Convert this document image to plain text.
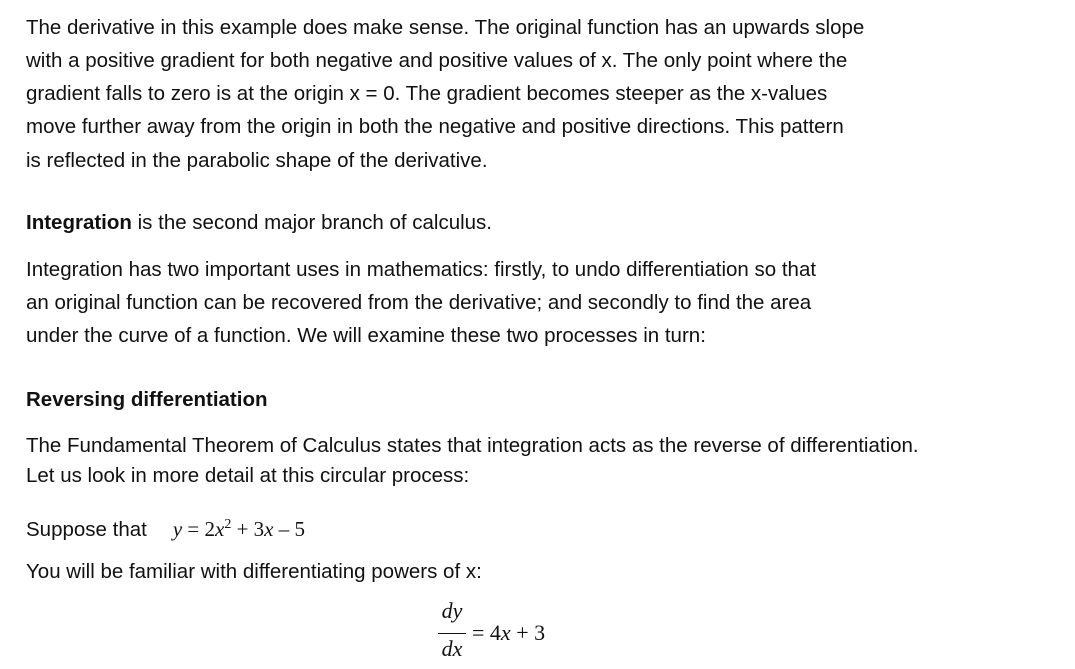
The derivative in this example does make sense. The original function has an upwards slope

with a positive gradient for both negative and positive values of x. The only point where the

gradient falls to zero is at the origin x = 0. The gradient becomes steeper as the x-values

move further away from the origin in both the negative and positive directions. This pattern

is reflected in the parabolic shape of the derivative.

Integration is the second major branch of calculus.

Integration has two important uses in mathematics: firstly, to undo differentiation so that

an original function can be recovered from the derivative; and secondly to find the area

under the curve of a function. We will examine these two processes in turn:

Reversing differentiation

The Fundamental Theorem of Calculus states that integration acts as the reverse of differentiation.

Let us look in more detail at this circular process:

Suppose that $y = 2x^2 + 3x - 5$

You will be familiar with differentiating powers of x:

dy
dx
= 4x + 3
